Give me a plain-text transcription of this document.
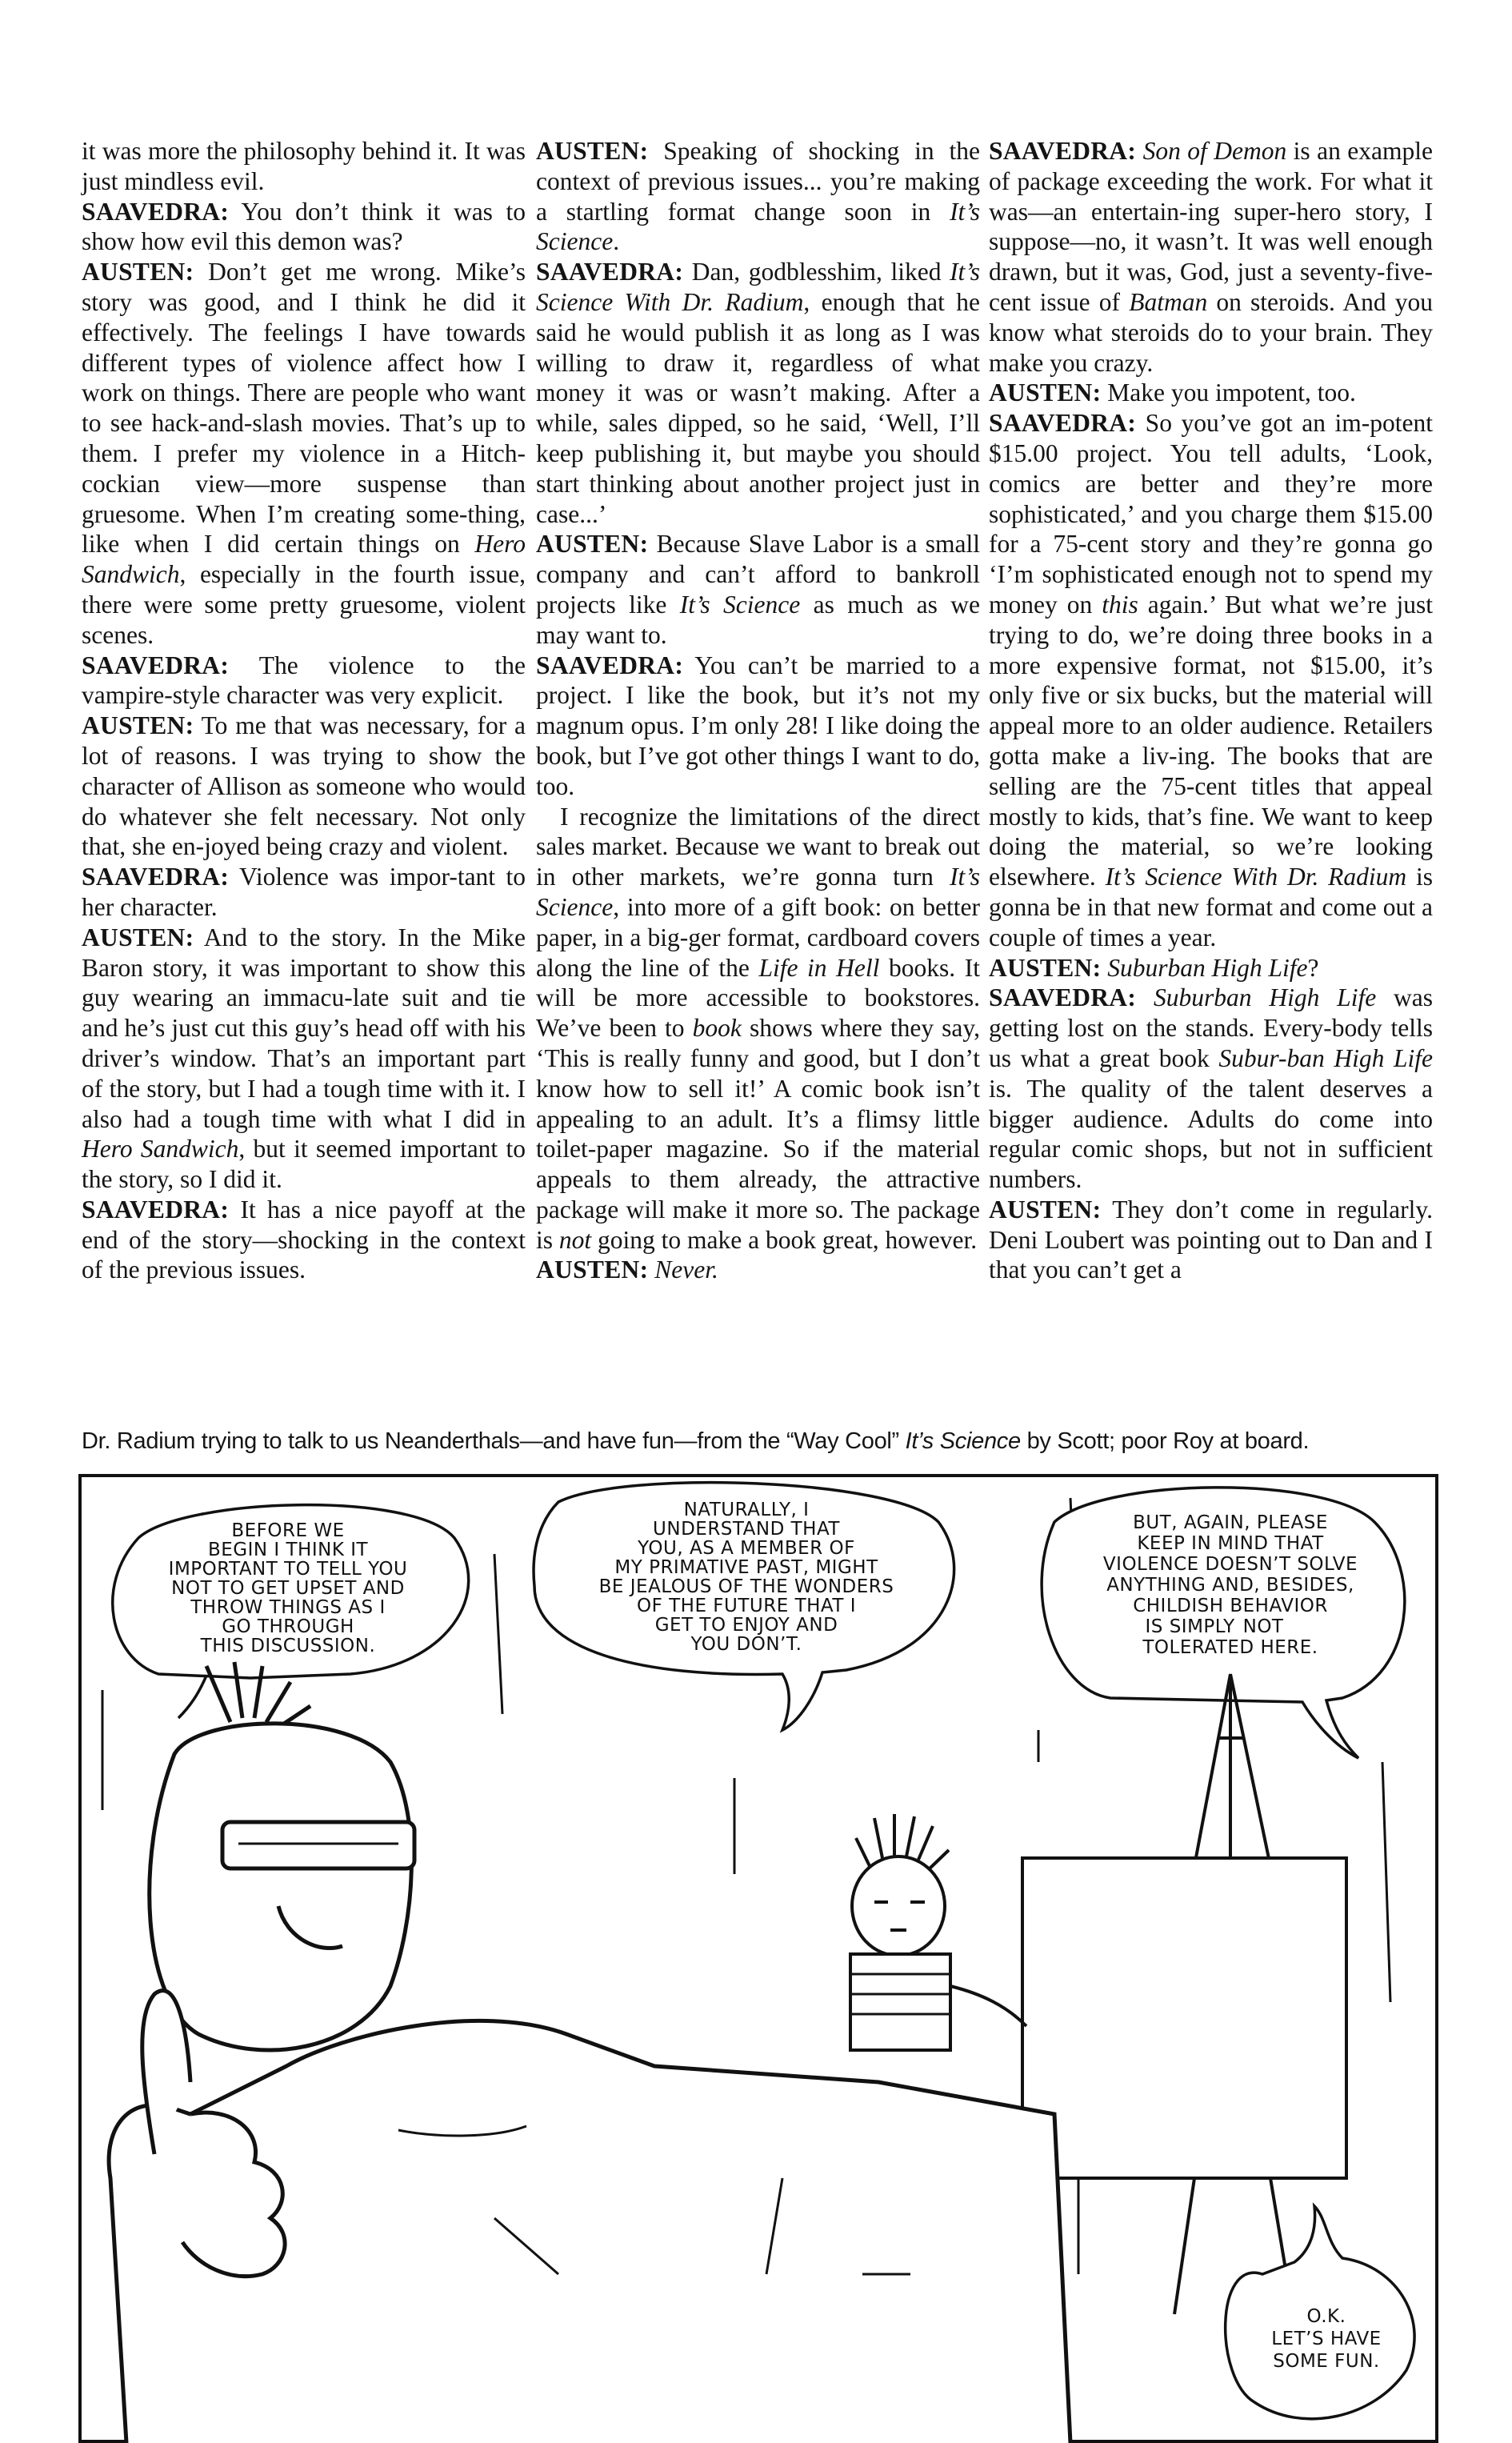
it was more the philosophy behind it. It was just mindless evil.

SAAVEDRA: You don’t think it was to show how evil this demon was?

AUSTEN: Don’t get me wrong. Mike’s story was good, and I think he did it effectively. The feelings I have towards different types of violence affect how I work on things. There are people who want to see hack-and-slash movies. That’s up to them. I prefer my violence in a Hitch-cockian view—more suspense than gruesome. When I’m creating some-thing, like when I did certain things on Hero Sandwich, especially in the fourth issue, there were some pretty gruesome, violent scenes.

SAAVEDRA: The violence to the vampire-style character was very explicit.

AUSTEN: To me that was necessary, for a lot of reasons. I was trying to show the character of Allison as someone who would do whatever she felt necessary. Not only that, she en-joyed being crazy and violent.

SAAVEDRA: Violence was impor-tant to her character.

AUSTEN: And to the story. In the Mike Baron story, it was important to show this guy wearing an immacu-late suit and tie and he’s just cut this guy’s head off with his driver’s window. That’s an important part of the story, but I had a tough time with it. I also had a tough time with what I did in Hero Sandwich, but it seemed important to the story, so I did it.

SAAVEDRA: It has a nice payoff at the end of the story—shocking in the context of the previous issues.

AUSTEN: Speaking of shocking in the context of previous issues... you’re making a startling format change soon in It’s Science.

SAAVEDRA: Dan, godblesshim, liked It’s Science With Dr. Radium, enough that he said he would publish it as long as I was willing to draw it, regardless of what money it was or wasn’t making. After a while, sales dipped, so he said, ‘Well, I’ll keep publishing it, but maybe you should start thinking about another project just in case...’

AUSTEN: Because Slave Labor is a small company and can’t afford to bankroll projects like It’s Science as much as we may want to.

SAAVEDRA: You can’t be married to a project. I like the book, but it’s not my magnum opus. I’m only 28! I like doing the book, but I’ve got other things I want to do, too.

I recognize the limitations of the direct sales market. Because we want to break out in other markets, we’re gonna turn It’s Science, into more of a gift book: on better paper, in a big-ger format, cardboard covers along the line of the Life in Hell books. It will be more accessible to bookstores. We’ve been to book shows where they say, ‘This is really funny and good, but I don’t know how to sell it!’ A comic book isn’t appealing to an adult. It’s a flimsy little toilet-paper magazine. So if the material appeals to them already, the attractive package will make it more so. The package is not going to make a book great, however.

AUSTEN: Never.

SAAVEDRA: Son of Demon is an example of package exceeding the work. For what it was—an entertain-ing super-hero story, I suppose—no, it wasn’t. It was well enough drawn, but it was, God, just a seventy-five-cent issue of Batman on steroids. And you know what steroids do to your brain. They make you crazy.

AUSTEN: Make you impotent, too.

SAAVEDRA: So you’ve got an im-potent $15.00 project. You tell adults, ‘Look, comics are better and they’re more sophisticated,’ and you charge them $15.00 for a 75-cent story and they’re gonna go ‘I’m sophisticated enough not to spend my money on this again.’ But what we’re just trying to do, we’re doing three books in a more expensive format, not $15.00, it’s only five or six bucks, but the material will appeal more to an older audience. Retailers gotta make a liv-ing. The books that are selling are the 75-cent titles that appeal mostly to kids, that’s fine. We want to keep doing the material, so we’re looking elsewhere. It’s Science With Dr. Radium is gonna be in that new format and come out a couple of times a year.

AUSTEN: Suburban High Life?

SAAVEDRA: Suburban High Life was getting lost on the stands. Every-body tells us what a great book Subur-ban High Life is. The quality of the talent deserves a bigger audience. Adults do come into regular comic shops, but not in sufficient numbers.

AUSTEN: They don’t come in regularly. Deni Loubert was pointing out to Dan and I that you can’t get a

Dr. Radium trying to talk to us Neanderthals—and have fun—from the “Way Cool” It’s Science by Scott; poor Roy at board.
BEFORE WE BEGIN I THINK IT IMPORTANT TO TELL YOU NOT TO GET UPSET AND THROW THINGS AS I GO THROUGH THIS DISCUSSION.
NATURALLY, I UNDERSTAND THAT YOU, AS A MEMBER OF MY PRIMATIVE PAST, MIGHT BE JEALOUS OF THE WONDERS OF THE FUTURE THAT I GET TO ENJOY AND YOU DON’T.
BUT, AGAIN, PLEASE KEEP IN MIND THAT VIOLENCE DOESN’T SOLVE ANYTHING AND, BESIDES, CHILDISH BEHAVIOR IS SIMPLY NOT TOLERATED HERE.
O.K. LET’S HAVE SOME FUN.
